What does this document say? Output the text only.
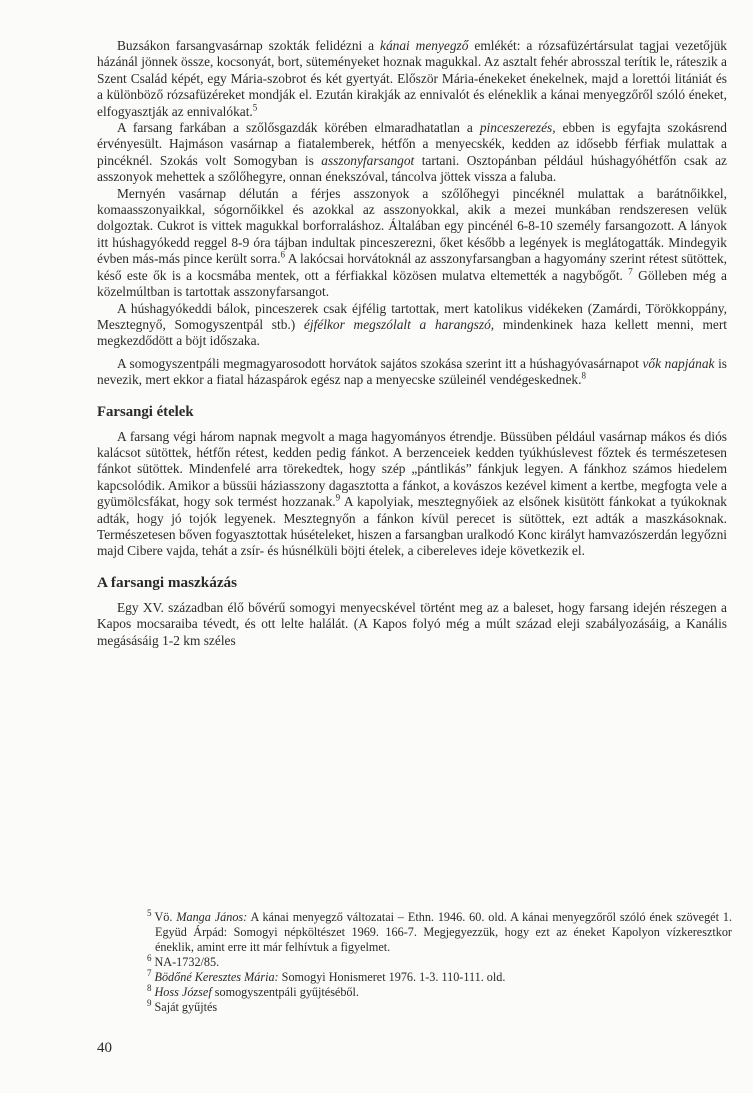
Buzsákon farsangvasárnap szokták felidézni a kánai menyegző emlékét: a rózsafüzértársulat tagjai vezetőjük házánál jönnek össze, kocsonyát, bort, süteményeket hoznak magukkal. Az asztalt fehér abrosszal terítik le, ráteszik a Szent Család képét, egy Mária-szobrot és két gyertyát. Először Mária-énekeket énekelnek, majd a lorettói litániát és a különböző rózsafüzéreket mondják el. Ezután kirakják az ennivalót és eléneklik a kánai menyegzőről szóló éneket, elfogyasztják az ennivalókat.$^5$

A farsang farkában a szőlősgazdák körében elmaradhatatlan a pinceszerezés, ebben is egyfajta szokásrend érvényesült. Hajmáson vasárnap a fiatalemberek, hétfőn a menyecskék, kedden az idősebb férfiak mulattak a pincéknél. Szokás volt Somogyban is asszonyfarsangot tartani. Osztopánban például húshagyóhétfőn csak az asszonyok mehettek a szőlőhegyre, onnan énekszóval, táncolva jöttek vissza a faluba.

Mernyén vasárnap délután a férjes asszonyok a szőlőhegyi pincéknél mulattak a barátnőikkel, komaasszonyaikkal, sógornőikkel és azokkal az asszonyokkal, akik a mezei munkában rendszeresen velük dolgoztak. Cukrot is vittek magukkal borforraláshoz. Általában egy pincénél 6-8-10 személy farsangozott. A lányok itt húshagyókedd reggel 8-9 óra tájban indultak pinceszerezni, őket később a legények is meglátogatták. Mindegyik évben más-más pince került sorra.$^6$ A lakócsai horvátoknál az asszonyfarsangban a hagyomány szerint rétest sütöttek, késő este ők is a kocsmába mentek, ott a férfiakkal közösen mulatva eltemették a nagybőgőt. $^7$ Gölleben még a közelmúltban is tartottak asszonyfarsangot.

A húshagyókeddi bálok, pinceszerek csak éjfélig tartottak, mert katolikus vidékeken (Zamárdi, Törökkoppány, Mesztegnyő, Somogyszentpál stb.) éjfélkor megszólalt a harangszó, mindenkinek haza kellett menni, mert megkezdődött a böjt időszaka.

A somogyszentpáli megmagyarosodott horvátok sajátos szokása szerint itt a húshagyóvasárnapot vők napjának is nevezik, mert ekkor a fiatal házaspárok egész nap a menyecske szüleinél vendégeskednek.$^8$

Farsangi ételek

A farsang végi három napnak megvolt a maga hagyományos étrendje. Büssüben például vasárnap mákos és diós kalácsot sütöttek, hétfőn rétest, kedden pedig fánkot. A berzenceiek kedden tyúkhúslevest főztek és természetesen fánkot sütöttek. Mindenfelé arra törekedtek, hogy szép „pántlikás” fánkjuk legyen. A fánkhoz számos hiedelem kapcsolódik. Amikor a büssüi háziasszony dagasztotta a fánkot, a kovászos kezével kiment a kertbe, megfogta vele a gyümölcsfákat, hogy sok termést hozzanak.$^9$ A kapolyiak, mesztegnyőiek az elsőnek kisütött fánkokat a tyúkoknak adták, hogy jó tojók legyenek. Mesztegnyőn a fánkon kívül perecet is sütöttek, ezt adták a maszkásoknak. Természetesen bőven fogyasztottak húsételeket, hiszen a farsangban uralkodó Konc királyt hamvazószerdán legyőzni majd Cibere vajda, tehát a zsír- és húsnélküli böjti ételek, a cibereleves ideje következik el.

A farsangi maszkázás

Egy XV. században élő bővérű somogyi menyecskével történt meg az a baleset, hogy farsang idején részegen a Kapos mocsaraiba tévedt, és ott lelte halálát. (A Kapos folyó még a múlt század eleji szabályozásáig, a Kanális megásásáig 1-2 km széles

$^5$ Vö. Manga János: A kánai menyegző változatai – Ethn. 1946. 60. old. A kánai menyegzőről szóló ének szövegét 1. Együd Árpád: Somogyi népköltészet 1969. 166-7. Megjegyezzük, hogy ezt az éneket Kapolyon vízkeresztkor éneklik, amint erre itt már felhívtuk a figyelmet.
$^6$ NA-1732/85.
$^7$ Bödőné Keresztes Mária: Somogyi Honismeret 1976. 1-3. 110-111. old.
$^8$ Hoss József somogyszentpáli gyűjtéséből.
$^9$ Saját gyűjtés
40
